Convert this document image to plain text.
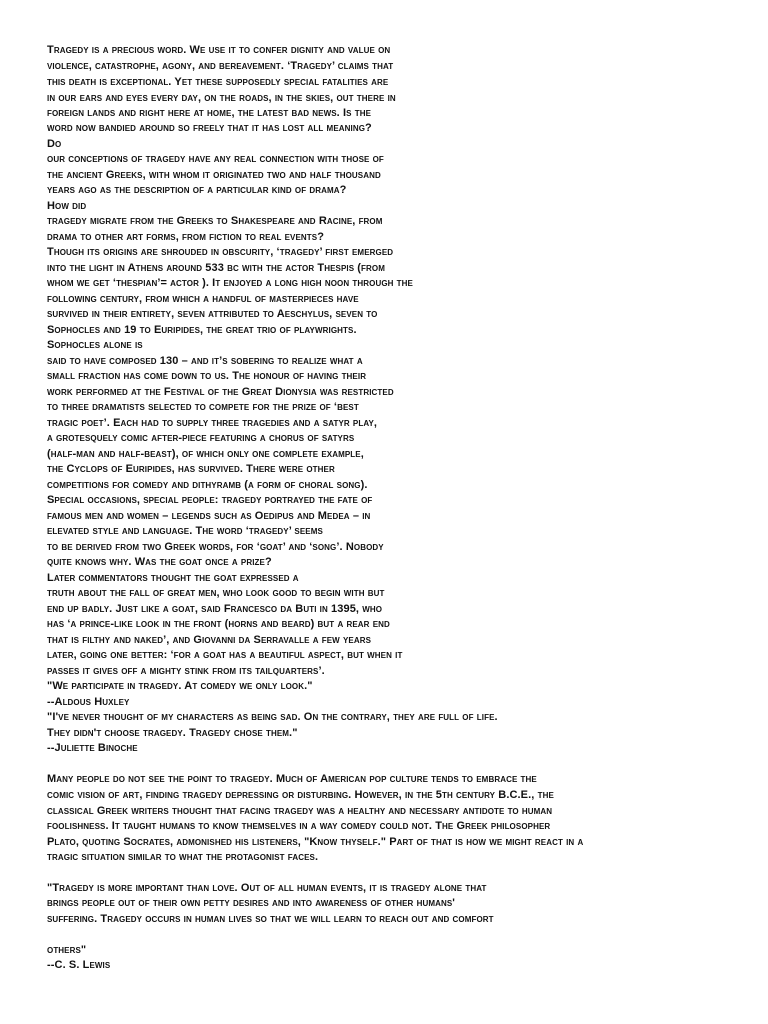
Tragedy is a precious word. We use it to confer dignity and value on
violence, catastrophe, agony, and bereavement. ‘Tragedy’ claims that
this death is exceptional. Yet these supposedly special fatalities are
in our ears and eyes every day, on the roads, in the skies, out there in
foreign lands and right here at home, the latest bad news. Is the
word now bandied around so freely that it has lost all meaning?
Do
our conceptions of tragedy have any real connection with those of
the ancient Greeks, with whom it originated two and half thousand
years ago as the description of a particular kind of drama?
How did
tragedy migrate from the Greeks to Shakespeare and Racine, from
drama to other art forms, from fiction to real events?
Though its origins are shrouded in obscurity, ‘tragedy’ first emerged
into the light in Athens around 533 bc with the actor Thespis (from
whom we get ‘thespian’= actor ). It enjoyed a long high noon through the
following century, from which a handful of masterpieces have
survived in their entirety, seven attributed to Aeschylus, seven to
Sophocles and 19 to Euripides, the great trio of playwrights.
Sophocles alone is
said to have composed 130 – and it’s sobering to realize what a
small fraction has come down to us. The honour of having their
work performed at the Festival of the Great Dionysia was restricted
to three dramatists selected to compete for the prize of ‘best
tragic poet’. Each had to supply three tragedies and a satyr play,
a grotesquely comic after-piece featuring a chorus of satyrs
(half-man and half-beast), of which only one complete example,
the Cyclops of Euripides, has survived. There were other
competitions for comedy and dithyramb (a form of choral song).
Special occasions, special people: tragedy portrayed the fate of
famous men and women – legends such as Oedipus and Medea – in
elevated style and language. The word ‘tragedy’ seems
to be derived from two Greek words, for ‘goat’ and ‘song’. Nobody
quite knows why. Was the goat once a prize?
Later commentators thought the goat expressed a
truth about the fall of great men, who look good to begin with but
end up badly. Just like a goat, said Francesco da Buti in 1395, who
has ‘a prince-like look in the front (horns and beard) but a rear end
that is filthy and naked’, and Giovanni da Serravalle a few years
later, going one better: ‘for a goat has a beautiful aspect, but when it
passes it gives off a mighty stink from its tailquarters’.
"We participate in tragedy. At comedy we only look."
--Aldous Huxley
"I've never thought of my characters as being sad. On the contrary, they are full of life.
They didn't choose tragedy. Tragedy chose them."
--Juliette Binoche
Many people do not see the point to tragedy. Much of American pop culture tends to embrace the
comic vision of art, finding tragedy depressing or disturbing. However, in the 5th century B.C.E., the
classical Greek writers thought that facing tragedy was a healthy and necessary antidote to human
foolishness. It taught humans to know themselves in a way comedy could not. The Greek philosopher
Plato, quoting Socrates, admonished his listeners, "Know thyself." Part of that is how we might react in a
tragic situation similar to what the protagonist faces.
"Tragedy is more important than love. Out of all human events, it is tragedy alone that
brings people out of their own petty desires and into awareness of other humans'
suffering. Tragedy occurs in human lives so that we will learn to reach out and comfort
others"
--C. S. Lewis
